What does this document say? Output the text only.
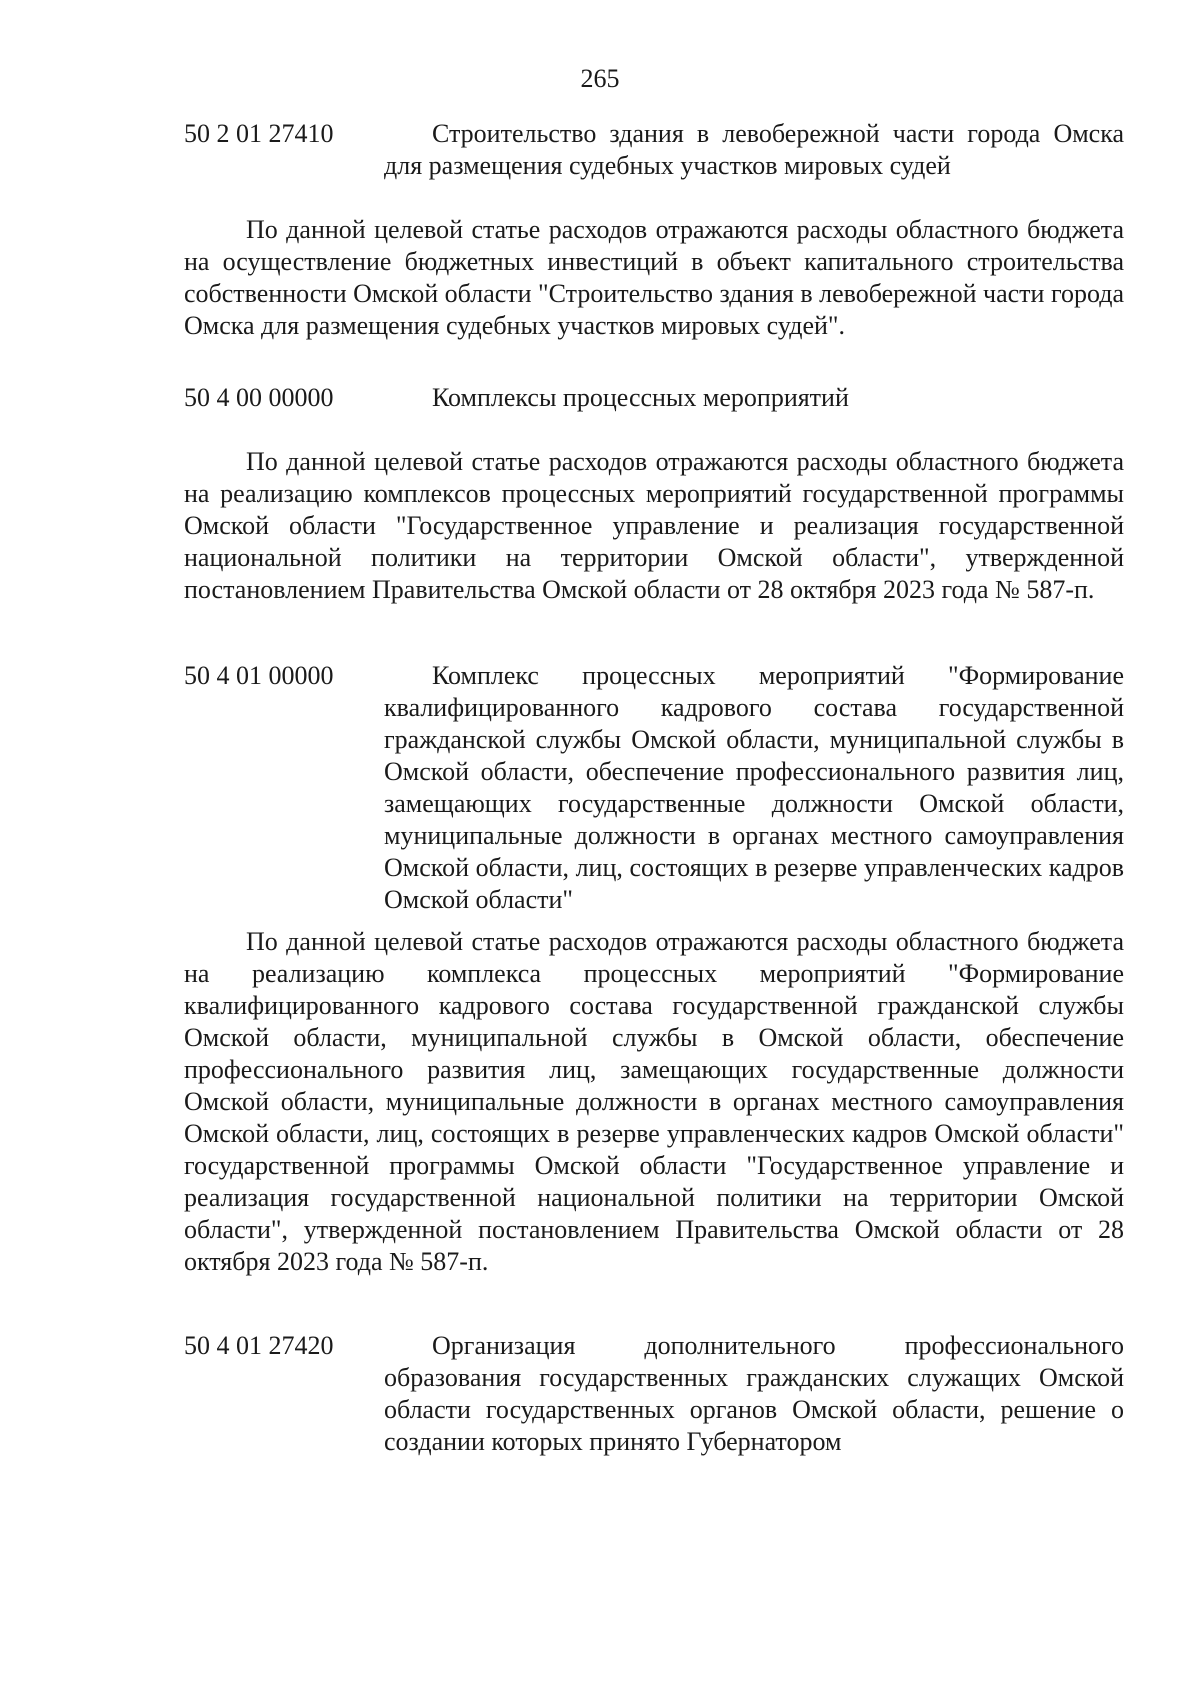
265
50 2 01 27410	Строительство здания в левобережной части города Омска для размещения судебных участков мировых судей
По данной целевой статье расходов отражаются расходы областного бюджета на осуществление бюджетных инвестиций в объект капитального строительства собственности Омской области "Строительство здания в левобережной части города Омска для размещения судебных участков мировых судей".
50 4 00 00000	Комплексы процессных мероприятий
По данной целевой статье расходов отражаются расходы областного бюджета на реализацию комплексов процессных мероприятий государственной программы Омской области "Государственное управление и реализация государственной национальной политики на территории Омской области", утвержденной постановлением Правительства Омской области от 28 октября 2023 года № 587-п.
50 4 01 00000	Комплекс процессных мероприятий "Формирование квалифицированного кадрового состава государственной гражданской службы Омской области, муниципальной службы в Омской области, обеспечение профессионального развития лиц, замещающих государственные должности Омской области, муниципальные должности в органах местного самоуправления Омской области, лиц, состоящих в резерве управленческих кадров Омской области"
По данной целевой статье расходов отражаются расходы областного бюджета на реализацию комплекса процессных мероприятий "Формирование квалифицированного кадрового состава государственной гражданской службы Омской области, муниципальной службы в Омской области, обеспечение профессионального развития лиц, замещающих государственные должности Омской области, муниципальные должности в органах местного самоуправления Омской области, лиц, состоящих в резерве управленческих кадров Омской области" государственной программы Омской области "Государственное управление и реализация государственной национальной политики на территории Омской области", утвержденной постановлением Правительства Омской области от 28 октября 2023 года № 587-п.
50 4 01 27420	Организация дополнительного профессионального образования государственных гражданских служащих Омской области государственных органов Омской области, решение о создании которых принято Губернатором
